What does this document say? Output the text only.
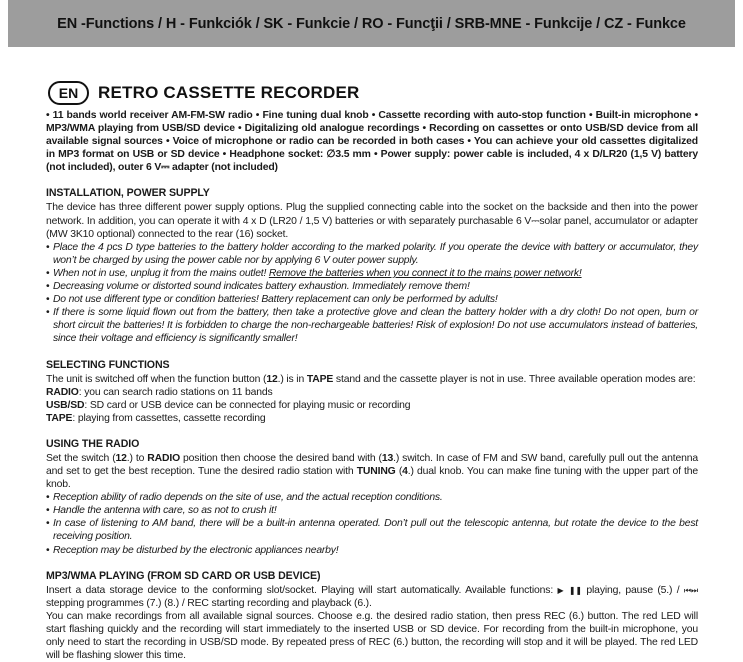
EN -Functions / H - Funkciók / SK - Funkcie / RO - Funcţii / SRB-MNE - Funkcije / CZ - Funkce
EN	RETRO CASSETTE RECORDER

• 11 bands world receiver AM-FM-SW radio • Fine tuning dual knob • Cassette recording with auto-stop function • Built-in microphone • MP3/WMA playing from USB/SD device • Digitalizing old analogue recordings • Recording on cassettes or onto USB/SD device from all available signal sources • Voice of microphone or radio can be recorded in both cases • You can achieve your old cassettes digitalized in MP3 format on USB or SD device • Headphone socket: ∅3.5 mm • Power supply: power cable is included, 4 x D/LR20 (1,5 V) battery (not included), outer 6 V⎓ adapter (not included)

INSTALLATION, POWER SUPPLY

The device has three different power supply options. Plug the supplied connecting cable into the socket on the backside and then into the power network. In addition, you can operate it with 4 x D (LR20 / 1,5 V) batteries or with separately purchasable 6 V⎓solar panel, accumulator or adapter (MW 3K10 optional) connected to the rear (16) socket.

• Place the 4 pcs D type batteries to the battery holder according to the marked polarity. If you operate the device with battery or accumulator, they won’t be charged by using the power cable nor by applying 6 V outer power supply.
• When not in use, unplug it from the mains outlet! Remove the batteries when you connect it to the mains power network!
• Decreasing volume or distorted sound indicates battery exhaustion. Immediately remove them!
• Do not use different type or condition batteries! Battery replacement can only be performed by adults!
• If there is some liquid flown out from the battery, then take a protective glove and clean the battery holder with a dry cloth! Do not open, burn or short circuit the batteries! It is forbidden to charge the non-rechargeable batteries! Risk of explosion! Do not use accumulators instead of batteries, since their voltage and efficiency is significantly smaller!
SELECTING FUNCTIONS

The unit is switched off when the function button (12.) is in TAPE stand and the cassette player is not in use. Three available operation modes are:
RADIO: you can search radio stations on 11 bands
USB/SD: SD card or USB device can be connected for playing music or recording
TAPE: playing from cassettes, cassette recording

USING THE RADIO

Set the switch (12.) to RADIO position then choose the desired band with (13.) switch. In case of FM and SW band, carefully pull out the antenna and set to get the best reception. Tune the desired radio station with TUNING (4.) dual knob. You can make fine tuning with the upper part of the knob.

• Reception ability of radio depends on the site of use, and the actual reception conditions.
• Handle the antenna with care, so as not to crush it!
• In case of listening to AM band, there will be a built-in antenna operated. Don’t pull out the telescopic antenna, but rotate the device to the best receiving position.
• Reception may be disturbed by the electronic appliances nearby!
MP3/WMA PLAYING (FROM SD CARD OR USB DEVICE)

Insert a data storage device to the conforming slot/socket. Playing will start automatically. Available functions: ▶ ❚❚ playing, pause (5.) / ⏮⏭ stepping programmes (7.) (8.) / REC starting recording and playback (6.).

You can make recordings from all available signal sources. Choose e.g. the desired radio station, then press REC (6.) button. The red LED will start flashing quickly and the recording will start immediately to the inserted USB or SD device. For recording from the built-in microphone, you only need to start the recording in USB/SD mode. By repeated press of REC (6.) button, the recording will stop and it will be played. The red LED will be flashing slower this time.
